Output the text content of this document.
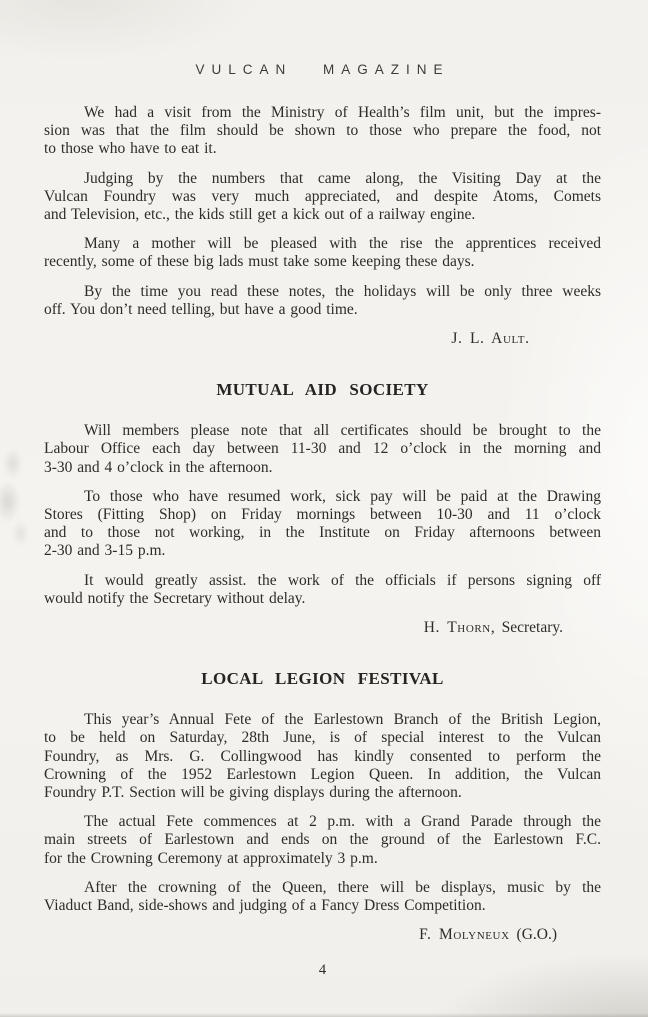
VULCAN MAGAZINE
We had a visit from the Ministry of Health’s film unit, but the impres-
sion was that the film should be shown to those who prepare the food, not
to those who have to eat it.
Judging by the numbers that came along, the Visiting Day at the
Vulcan Foundry was very much appreciated, and despite Atoms, Comets
and Television, etc., the kids still get a kick out of a railway engine.
Many a mother will be pleased with the rise the apprentices received
recently, some of these big lads must take some keeping these days.
By the time you read these notes, the holidays will be only three weeks
off. You don’t need telling, but have a good time.
J. L. Ault.
MUTUAL AID SOCIETY
Will members please note that all certificates should be brought to the
Labour Office each day between 11-30 and 12 o’clock in the morning and
3-30 and 4 o’clock in the afternoon.
To those who have resumed work, sick pay will be paid at the Drawing
Stores (Fitting Shop) on Friday mornings between 10-30 and 11 o’clock
and to those not working, in the Institute on Friday afternoons between
2-30 and 3-15 p.m.
It would greatly assist. the work of the officials if persons signing off
would notify the Secretary without delay.
H. Thorn, Secretary.
LOCAL LEGION FESTIVAL
This year’s Annual Fete of the Earlestown Branch of the British Legion,
to be held on Saturday, 28th June, is of special interest to the Vulcan
Foundry, as Mrs. G. Collingwood has kindly consented to perform the
Crowning of the 1952 Earlestown Legion Queen. In addition, the Vulcan
Foundry P.T. Section will be giving displays during the afternoon.
The actual Fete commences at 2 p.m. with a Grand Parade through the
main streets of Earlestown and ends on the ground of the Earlestown F.C.
for the Crowning Ceremony at approximately 3 p.m.
After the crowning of the Queen, there will be displays, music by the
Viaduct Band, side-shows and judging of a Fancy Dress Competition.
F. Molyneux (G.O.)
4
